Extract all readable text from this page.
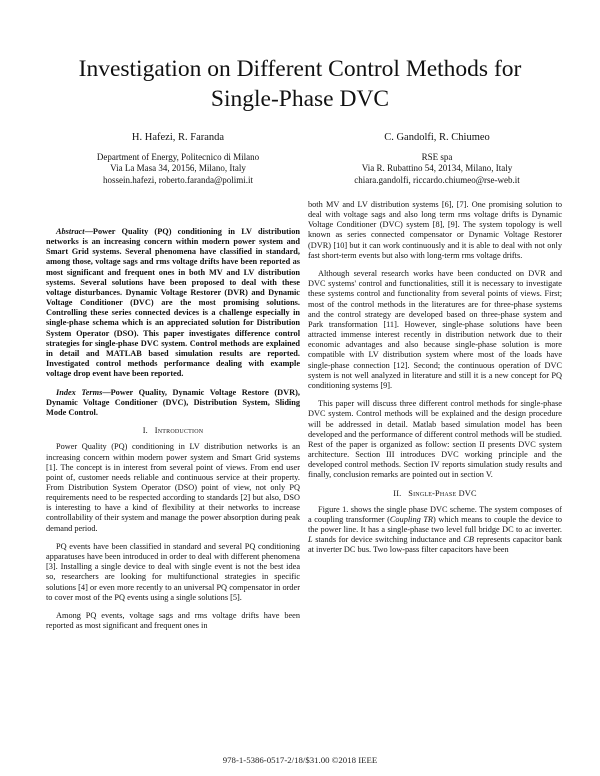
Investigation on Different Control Methods for
Single-Phase DVC
H. Hafezi, R. Faranda
Department of Energy, Politecnico di Milano
Via La Masa 34, 20156, Milano, Italy
hossein.hafezi, roberto.faranda@polimi.it
C. Gandolfi, R. Chiumeo
RSE spa
Via R. Rubattino 54, 20134, Milano, Italy
chiara.gandolfi, riccardo.chiumeo@rse-web.it

Abstract—Power Quality (PQ) conditioning in LV distribution networks is an increasing concern within modern power system and Smart Grid systems. Several phenomena have classified in standard, among those, voltage sags and rms voltage drifts have been reported as most significant and frequent ones in both MV and LV distribution systems. Several solutions have been proposed to deal with these voltage disturbances. Dynamic Voltage Restorer (DVR) and Dynamic Voltage Conditioner (DVC) are the most promising solutions. Controlling these series connected devices is a challenge especially in single-phase schema which is an appreciated solution for Distribution System Operator (DSO). This paper investigates difference control strategies for single-phase DVC system. Control methods are explained in detail and MATLAB based simulation results are reported. Investigated control methods performance dealing with example voltage drop event have been reported.

Index Terms—Power Quality, Dynamic Voltage Restore (DVR), Dynamic Voltage Conditioner (DVC), Distribution System, Sliding Mode Control.

I. Introduction

Power Quality (PQ) conditioning in LV distribution networks is an increasing concern within modern power system and Smart Grid systems [1]. The concept is in interest from several point of views. From end user point of, customer needs reliable and continuous service at their property. From Distribution System Operator (DSO) point of view, not only PQ requirements need to be respected according to standards [2] but also, DSO is interesting to have a kind of flexibility at their networks to increase controllability of their system and manage the power absorption during peak demand period.

PQ events have been classified in standard and several PQ conditioning apparatuses have been introduced in order to deal with different phenomena [3]. Installing a single device to deal with single event is not the best idea so, researchers are looking for multifunctional strategies in specific solutions [4] or even more recently to an universal PQ compensator in order to cover most of the PQ events using a single solutions [5].

Among PQ events, voltage sags and rms voltage drifts have been reported as most significant and frequent ones in

both MV and LV distribution systems [6], [7]. One promising solution to deal with voltage sags and also long term rms voltage drifts is Dynamic Voltage Conditioner (DVC) system [8], [9]. The system topology is well known as series connected compensator or Dynamic Voltage Restorer (DVR) [10] but it can work continuously and it is able to deal with not only fast short-term events but also with long-term rms voltage drifts.

Although several research works have been conducted on DVR and DVC systems' control and functionalities, still it is necessary to investigate these systems control and functionality from several points of views. First; most of the control methods in the literatures are for three-phase systems and the control strategy are developed based on three-phase system and Park transformation [11]. However, single-phase solutions have been attracted immense interest recently in distribution network due to their economic advantages and also because single-phase solution is more compatible with LV distribution system where most of the loads have single-phase connection [12]. Second; the continuous operation of DVC system is not well analyzed in literature and still it is a new concept for PQ conditioning systems [9].

This paper will discuss three different control methods for single-phase DVC system. Control methods will be explained and the design procedure will be addressed in detail. Matlab based simulation model has been developed and the performance of different control methods will be studied. Rest of the paper is organized as follow: section II presents DVC system architecture. Section III introduces DVC working principle and the developed control methods. Section IV reports simulation study results and finally, conclusion remarks are pointed out in section V.

II. Single-Phase DVC

Figure 1. shows the single phase DVC scheme. The system composes of a coupling transformer (Coupling TR) which means to couple the device to the power line. It has a single-phase two level full bridge DC to ac inverter. L stands for device switching inductance and CB represents capacitor bank at inverter DC bus. Two low-pass filter capacitors have been

978-1-5386-0517-2/18/$31.00 ©2018 IEEE
